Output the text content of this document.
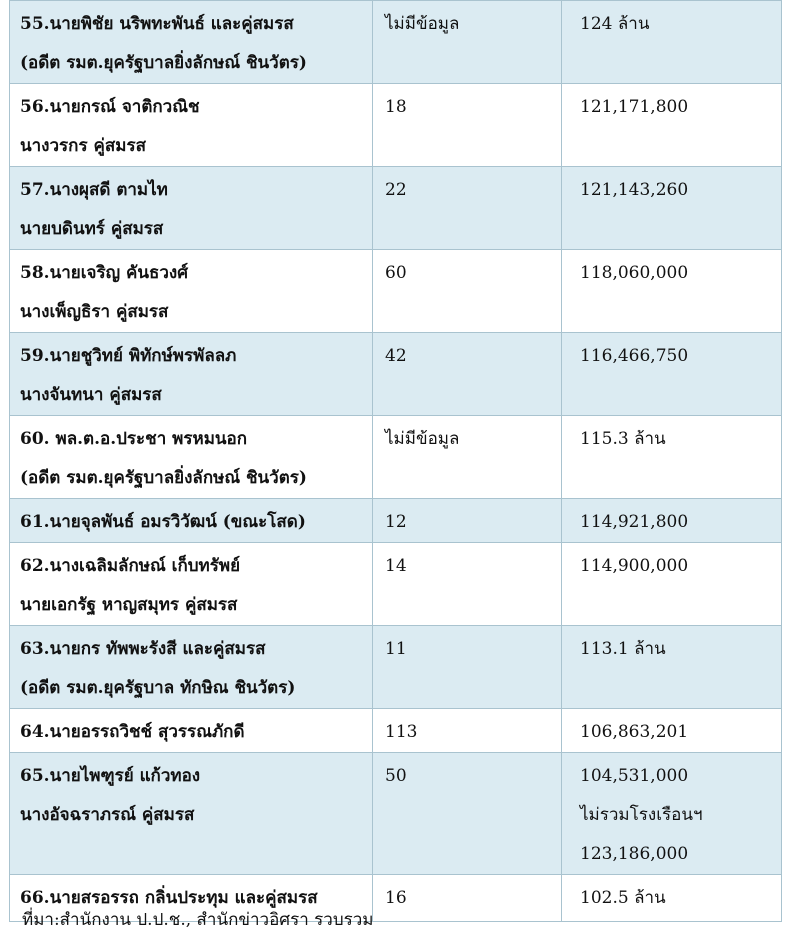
55.นายพิชัย นริพทะพันธ์ และคู่สมรส
(อดีต รมต.ยุครัฐบาลยิ่งลักษณ์ ชินวัตร)	ไม่มีข้อมูล	124 ล้าน

56.นายกรณ์ จาติกวณิช
นางวรกร คู่สมรส	18	121,171,800

57.นางผุสดี ตามไท
นายบดินทร์ คู่สมรส	22	121,143,260

58.นายเจริญ คันธวงศ์
นางเพ็ญธิรา คู่สมรส	60	118,060,000

59.นายชูวิทย์ พิทักษ์พรพัลลภ
นางจันทนา คู่สมรส	42	116,466,750

60. พล.ต.อ.ประชา พรหมนอก
(อดีต รมต.ยุครัฐบาลยิ่งลักษณ์ ชินวัตร)	ไม่มีข้อมูล	115.3 ล้าน

61.นายจุลพันธ์ อมรวิวัฒน์ (ขณะโสด)	12	114,921,800

62.นางเฉลิมลักษณ์ เก็บทรัพย์
นายเอกรัฐ หาญสมุทร คู่สมรส	14	114,900,000

63.นายกร ทัพพะรังสี และคู่สมรส
(อดีต รมต.ยุครัฐบาล ทักษิณ ชินวัตร)	11	113.1 ล้าน

64.นายอรรถวิชช์ สุวรรณภักดี	113	106,863,201

65.นายไพฑูรย์ แก้วทอง
นางอัจฉราภรณ์ คู่สมรส	50	104,531,000
ไม่รวมโรงเรือนฯ
123,186,000

66.นายสรอรรถ กลิ่นประทุม และคู่สมรส	16	102.5 ล้าน
ที่มา:สำนักงาน ป.ป.ช., สำนักข่าวอิศรา รวบรวม
